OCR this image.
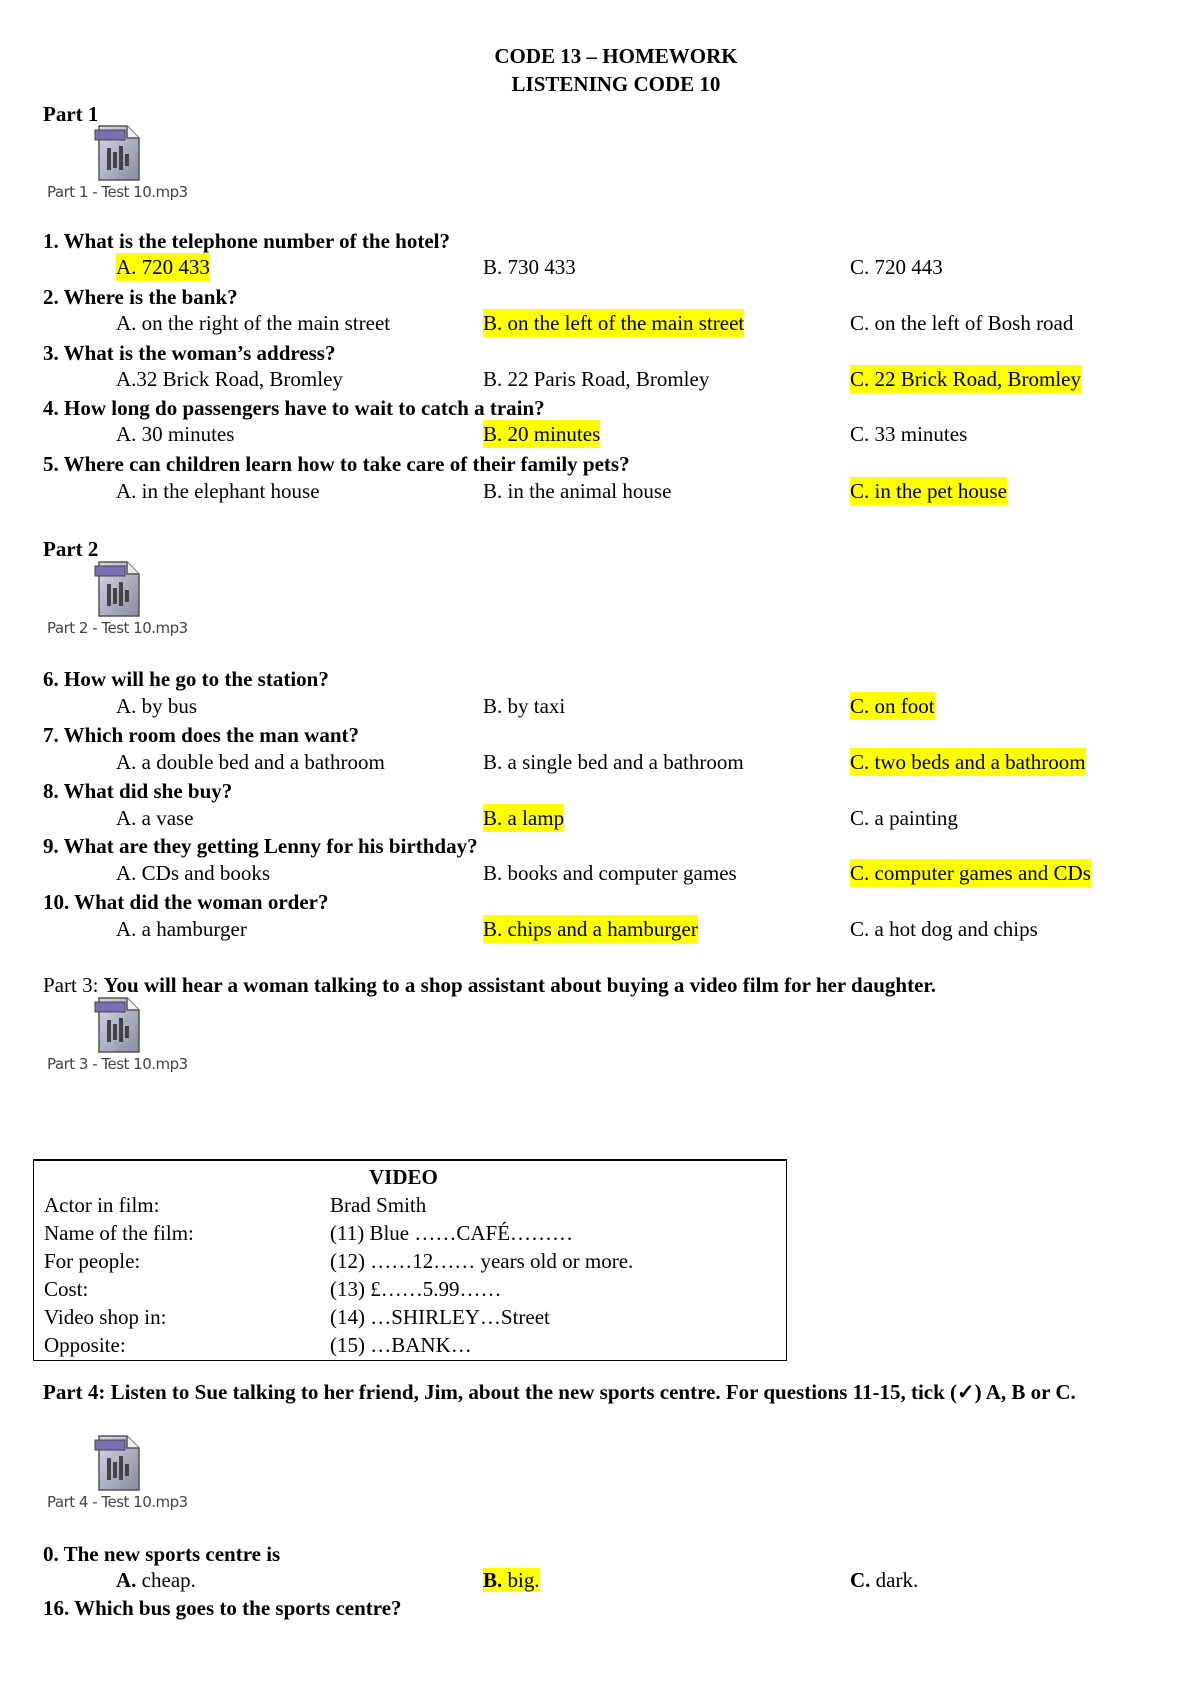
CODE 13 – HOMEWORK
LISTENING CODE 10
Part 1
Part 1 - Test 10.mp3
1. What is the telephone number of the hotel?
A. 720 433	B. 730 433	C. 720 443
2. Where is the bank?
A. on the right of the main street	B. on the left of the main street	C. on the left of Bosh road
3. What is the woman’s address?
A.32 Brick Road, Bromley	B. 22 Paris Road, Bromley	C. 22 Brick Road, Bromley
4. How long do passengers have to wait to catch a train?
A. 30 minutes	B. 20 minutes	C. 33 minutes
5. Where can children learn how to take care of their family pets?
A. in the elephant house	B. in the animal house	C. in the pet house
Part 2
Part 2 - Test 10.mp3
6. How will he go to the station?
A. by bus	B. by taxi	C. on foot
7. Which room does the man want?
A. a double bed and a bathroom	B. a single bed and a bathroom	C. two beds and a bathroom
8. What did she buy?
A. a vase	B. a lamp	C. a painting
9. What are they getting Lenny for his birthday?
A. CDs and books	B. books and computer games	C. computer games and CDs
10. What did the woman order?
A. a hamburger	B. chips and a hamburger	C. a hot dog and chips
Part 3: You will hear a woman talking to a shop assistant about buying a video film for her daughter.
Part 3 - Test 10.mp3
VIDEO
Actor in film:	Brad Smith
Name of the film:	(11) Blue ……CAFÉ………
For people:	(12) ……12…… years old or more.
Cost:	(13) £……5.99……
Video shop in:	(14) …SHIRLEY…Street
Opposite:	(15) …BANK…
Part 4: Listen to Sue talking to her friend, Jim, about the new sports centre. For questions 11-15, tick (✓) A, B or C.
Part 4 - Test 10.mp3
0. The new sports centre is
A. cheap.	B. big.	C. dark.
16. Which bus goes to the sports centre?
